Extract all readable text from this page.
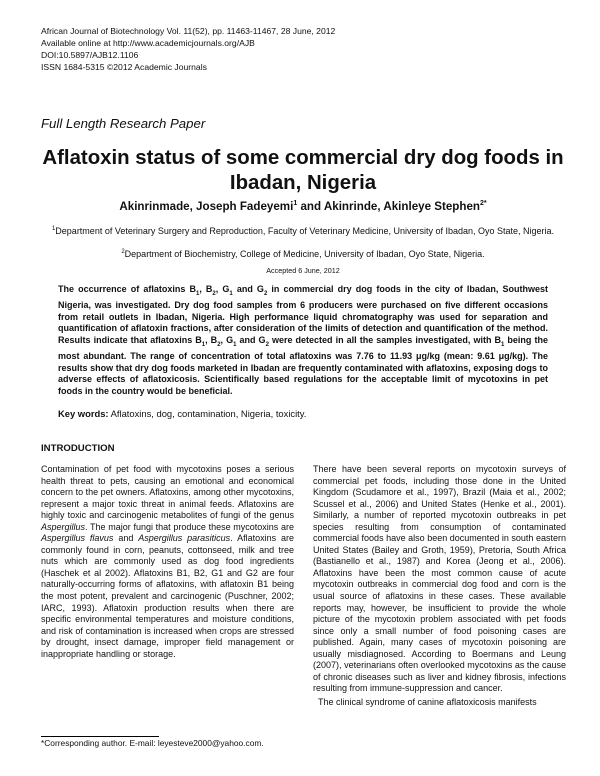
African Journal of Biotechnology Vol. 11(52), pp. 11463-11467, 28 June, 2012
Available online at http://www.academicjournals.org/AJB
DOI:10.5897/AJB12.1106
ISSN 1684-5315 ©2012 Academic Journals
Full Length Research Paper
Aflatoxin status of some commercial dry dog foods in Ibadan, Nigeria
Akinrinmade, Joseph Fadeyemi$^1$ and Akinrinde, Akinleye Stephen$^{2*}$
$^1$Department of Veterinary Surgery and Reproduction, Faculty of Veterinary Medicine, University of Ibadan, Oyo State, Nigeria.
$^2$Department of Biochemistry, College of Medicine, University of Ibadan, Oyo State, Nigeria.
Accepted 6 June, 2012
The occurrence of aflatoxins $B_1$, $B_2$, $G_1$ and $G_2$ in commercial dry dog foods in the city of Ibadan, Southwest Nigeria, was investigated. Dry dog food samples from 6 producers were purchased on five different occasions from retail outlets in Ibadan, Nigeria. High performance liquid chromatography was used for separation and quantification of aflatoxin fractions, after consideration of the limits of detection and quantification of the method. Results indicate that aflatoxins $B_1$, $B_2$, $G_1$ and $G_2$ were detected in all the samples investigated, with $B_1$ being the most abundant. The range of concentration of total aflatoxins was 7.76 to 11.93 μg/kg (mean: 9.61 μg/kg). The results show that dry dog foods marketed in Ibadan are frequently contaminated with aflatoxins, exposing dogs to adverse effects of aflatoxicosis. Scientifically based regulations for the acceptable limit of mycotoxins in pet foods in the country would be beneficial.
Key words: Aflatoxins, dog, contamination, Nigeria, toxicity.
INTRODUCTION
Contamination of pet food with mycotoxins poses a serious health threat to pets, causing an emotional and economical concern to the pet owners. Aflatoxins, among other mycotoxins, represent a major toxic threat in animal feeds. Aflatoxins are highly toxic and carcinogenic metabolites of fungi of the genus Aspergillus. The major fungi that produce these mycotoxins are Aspergillus flavus and Aspergillus parasiticus. Aflatoxins are commonly found in corn, peanuts, cottonseed, milk and tree nuts which are commonly used as dog food ingredients (Haschek et al 2002). Aflatoxins B1, B2, G1 and G2 are four naturally-occurring forms of aflatoxins, with aflatoxin B1 being the most potent, prevalent and carcinogenic (Puschner, 2002; IARC, 1993). Aflatoxin production results when there are specific environmental temperatures and moisture conditions, and risk of contamination is increased when crops are stressed by drought, insect damage, improper field management or inappropriate handling or storage.

There have been several reports on mycotoxin surveys of commercial pet foods, including those done in the United Kingdom (Scudamore et al., 1997), Brazil (Maia et al., 2002; Scussel et al., 2006) and United States (Henke et al., 2001). Similarly, a number of reported mycotoxin outbreaks in pet species resulting from consumption of contaminated commercial foods have also been documented in south eastern United States (Bailey and Groth, 1959), Pretoria, South Africa (Bastianello et al., 1987) and Korea (Jeong et al., 2006). Aflatoxins have been the most common cause of acute mycotoxin outbreaks in commercial dog food and corn is the usual source of aflatoxins in these cases. These available reports may, however, be insufficient to provide the whole picture of the mycotoxin problem associated with pet foods since only a small number of food poisoning cases are published. Again, many cases of mycotoxin poisoning are usually misdiagnosed. According to Boermans and Leung (2007), veterinarians often overlooked mycotoxins as the cause of chronic diseases such as liver and kidney fibrosis, infections resulting from immune-suppression and cancer.

The clinical syndrome of canine aflatoxicosis manifests

*Corresponding author. E-mail: leyesteve2000@yahoo.com.
